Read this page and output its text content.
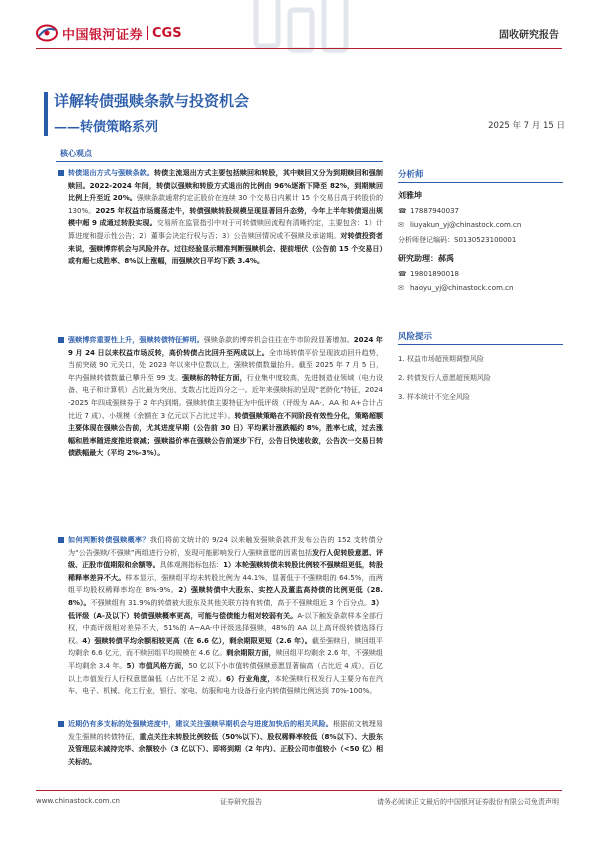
中国银河证券 CGS	固收研究报告
详解转债强赎条款与投资机会
——转债策略系列	2025 年 7 月 15 日
核心观点
转债退出方式与强赎条款。转债主流退出方式主要包括赎回和转股，其中赎回又分为到期赎回和强制赎回。2022-2024 年间，转债以强赎和转股方式退出的比例由 96%逐渐下降至 82%，到期赎回比例上升至近 20%。强赎条款通常约定正股价在连续 30 个交易日内累计 15 个交易日高于转股价的 130%。2025 年权益市场震荡走牛，转债强赎转股规模呈现显著回升态势，今年上半年转债退出规模中超 9 成通过转股实现。交易所在监管指引中对于可转债赎回流程有清晰约定，主要包含：1）计算进度和提示性公告；2）董事会决定行权与否；3）公告赎回情况或不强赎及承诺期。对转债投资者来说，强赎博弈机会与风险并存。过往经验显示精准判断强赎机会、提前埋伏（公告前 15 个交易日）或有超七成胜率、8%以上涨幅，而强赎次日平均下跌 3.4%。
强赎博弈重要性上升，强赎转债特征鲜明。强赎条款的博弈机会往往在牛市阶段显著增加。2024 年 9 月 24 日以来权益市场反转，高价转债占比回升至两成以上。全市场转债平价呈现波动回升趋势，当前突破 90 元关口，处 2023 年以来中位数以上，强赎转债数量抬升。截至 2025 年 7 月 5 日，年内强赎转债数量已攀升至 99 支。强赎标的特征方面，行业集中度较高，先进制造业领域（电力设备、电子和计算机）占比最为突出，支数占比近四分之一。近年来强赎标的呈现“老龄化”特征，2024-2025 年四成强赎券于 2 年内到期。强赎转债主要特征为中低评级（评级为 AA-、AA 和 A+合计占比近 7 成）、小规模（余额在 3 亿元以下占比过半）。转债强赎策略在不同阶段有效性分化，策略超额主要体现在强赎公告前，尤其进度早期（公告前 30 日）平均累计涨跌幅约 8%，胜率七成，过去涨幅和胜率随进度推进衰减；强赎溢价率在强赎公告前逐步下行，公告日快速收敛，公告次一交易日转债跌幅最大（平均 2%-3%）。
如何判断转债强赎概率？我们将前文统计的 9/24 以来触发强赎条款并发布公告的 152 支转债分为“公告强赎/不强赎”两组进行分析，发现可能影响发行人强赎意愿的因素包括发行人促转股意愿、评级、正股市值期限和余额等。具体观测指标包括：1）本轮强赎转债未转股比例较不强赎组更低，转股稀释率差异不大。样本显示，强赎组平均未转股比例为 44.1%，显著低于不强赎组的 64.5%，而两组平均股权稀释率均在 8%-9%。2）强赎转债中大股东、实控人及董监高持债的比例更低（28.8%）。不强赎组有 31.9%的转债被大股东及其他关联方持有转债，高于不强赎组近 3 个百分点。3）低评级（A-及以下）转债强赎概率更高，可能与偿债能力相对较弱有关。A-以下触发条款样本全部行权，中高评级相对差异不大，51%的 A~AA-中评级选择强赎，48%的 AA 以上高评级转债选择行权。4）强赎转债平均余额相较更高（在 6.6 亿），剩余期限更短（2.6 年）。截至强赎日，赎回组平均剩余 6.6 亿元，而不赎回组平均规模在 4.6 亿。剩余期限方面，赎回组平均剩余 2.6 年，不强赎组平均剩余 3.4 年。5）市值风格方面，50 亿以下小市值转债强赎意愿显著偏高（占比近 4 成），百亿以上市值发行人行权意愿偏低（占比不足 2 成）。6）行业角度，本轮强赎行权发行人主要分布在汽车、电子、机械、化工行业，银行、家电、纺服和电力设备行业内转债强赎比例达到 70%-100%。
近期仍有多支标的处强赎进度中，建议关注强赎早期机会与进度加快后的相关风险。根据前文梳理易发生强赎的转债特征，重点关注未转股比例较低（50%以下）、股权稀释率较低（8%以下）、大股东及管理层未减持完毕、余额较小（3 亿以下）、即将到期（2 年内）、正股公司市值较小（<50 亿）相关标的。
分析师
刘雅坤
☎ 17887940037
✉ liuyakun_yj@chinastock.com.cn
分析师登记编码：S0130523100001
研究助理：郝禹
☎ 19801890018
✉ haoyu_yj@chinastock.com.cn
风险提示
1. 权益市场超预期调整风险
2. 转债发行人意愿超预期风险
3. 样本统计不完全风险
www.chinastock.com.cn	证券研究报告	请务必阅读正文最后的中国银河证券股份有限公司免责声明
